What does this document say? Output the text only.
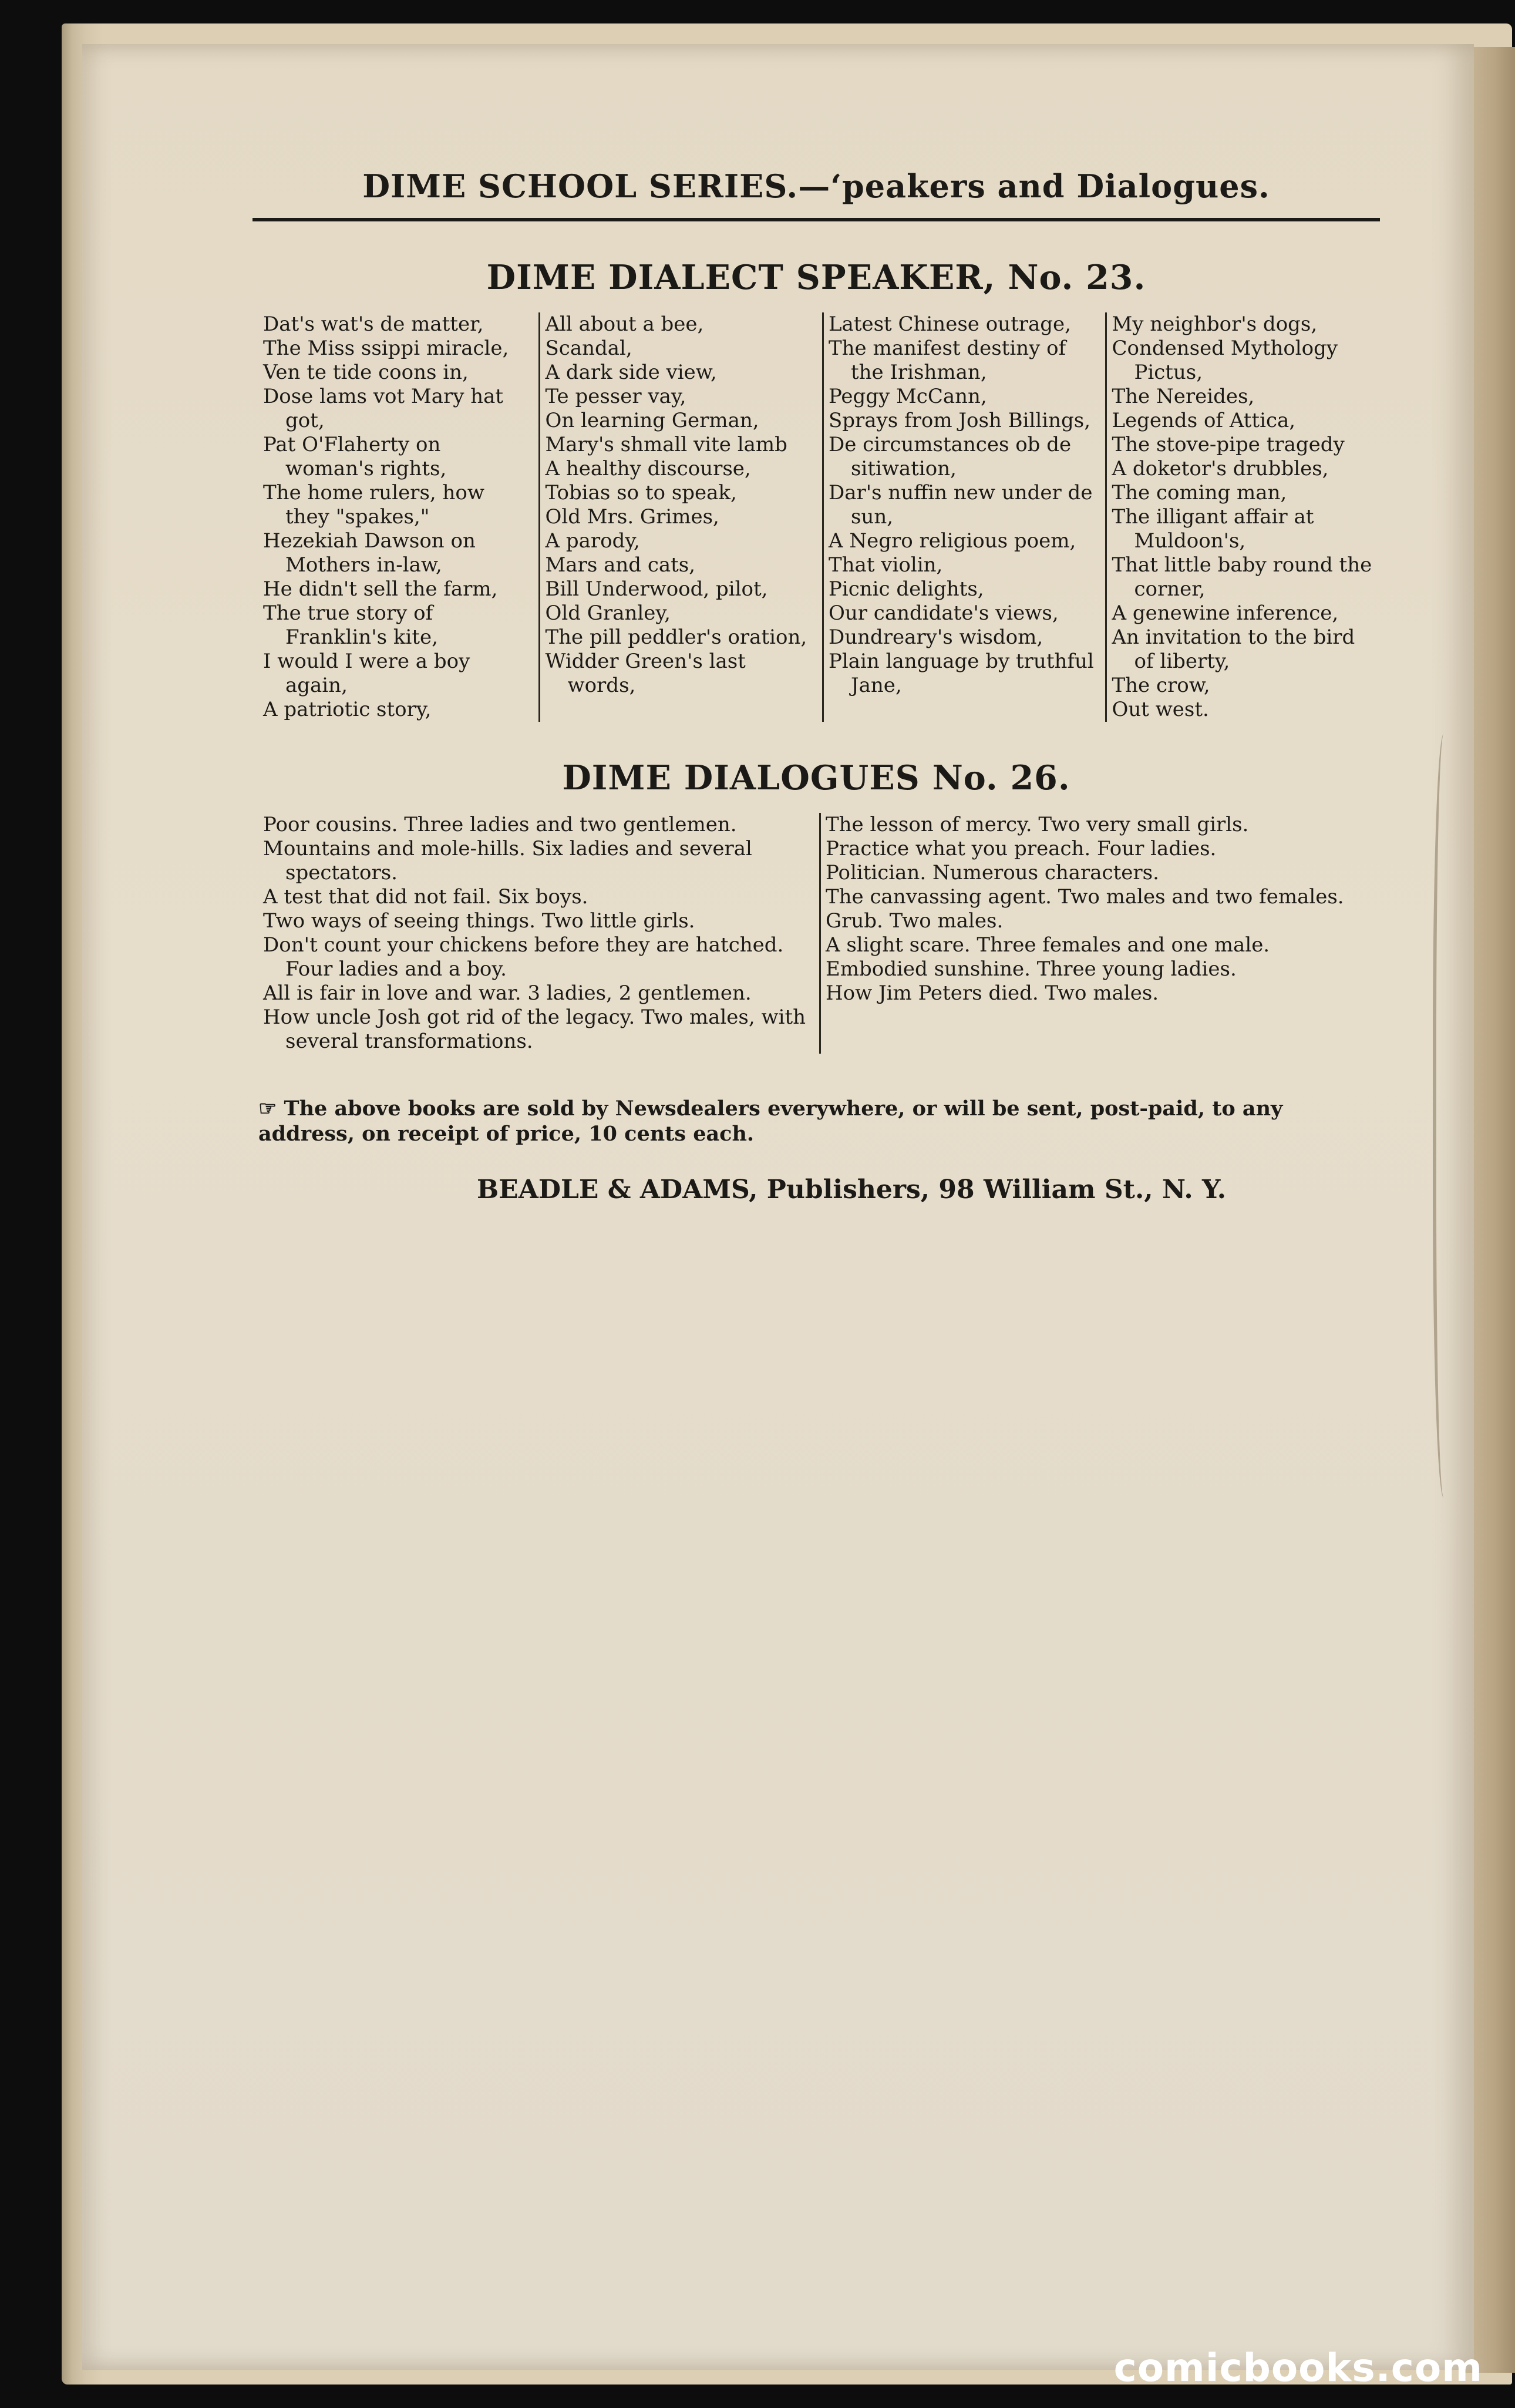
DIME SCHOOL SERIES.—ʻpeakers and Dialogues.
DIME DIALECT SPEAKER, No. 23.
Dat's wat's de matter,
The Miss ssippi miracle,
Ven te tide coons in,
Dose lams vot Mary hat got,
Pat O'Flaherty on woman's rights,
The home rulers, how they "spakes,"
Hezekiah Dawson on Mothers in-law,
He didn't sell the farm,
The true story of Franklin's kite,
I would I were a boy again,
A patriotic story,
All about a bee,
Scandal,
A dark side view,
Te pesser vay,
On learning German,
Mary's shmall vite lamb
A healthy discourse,
Tobias so to speak,
Old Mrs. Grimes,
A parody,
Mars and cats,
Bill Underwood, pilot,
Old Granley,
The pill peddler's oration,
Widder Green's last words,
Latest Chinese outrage,
The manifest destiny of the Irishman,
Peggy McCann,
Sprays from Josh Billings,
De circumstances ob de sitiwation,
Dar's nuffin new under de sun,
A Negro religious poem,
That violin,
Picnic delights,
Our candidate's views,
Dundreary's wisdom,
Plain language by truthful Jane,
My neighbor's dogs,
Condensed Mythology Pictus,
The Nereides,
Legends of Attica,
The stove-pipe tragedy
A doketor's drubbles,
The coming man,
The illigant affair at Muldoon's,
That little baby round the corner,
A genewine inference,
An invitation to the bird of liberty,
The crow,
Out west.
DIME DIALOGUES No. 26.
Poor cousins. Three ladies and two gentlemen.
Mountains and mole-hills. Six ladies and several spectators.
A test that did not fail. Six boys.
Two ways of seeing things. Two little girls.
Don't count your chickens before they are hatched. Four ladies and a boy.
All is fair in love and war. 3 ladies, 2 gentlemen.
How uncle Josh got rid of the legacy. Two males, with several transformations.
The lesson of mercy. Two very small girls.
Practice what you preach. Four ladies.
Politician. Numerous characters.
The canvassing agent. Two males and two females.
Grub. Two males.
A slight scare. Three females and one male.
Embodied sunshine. Three young ladies.
How Jim Peters died. Two males.
☞ The above books are sold by Newsdealers everywhere, or will be sent, post-paid, to any address, on receipt of price, 10 cents each.
BEADLE & ADAMS, Publishers, 98 William St., N. Y.
comicbooks.com
